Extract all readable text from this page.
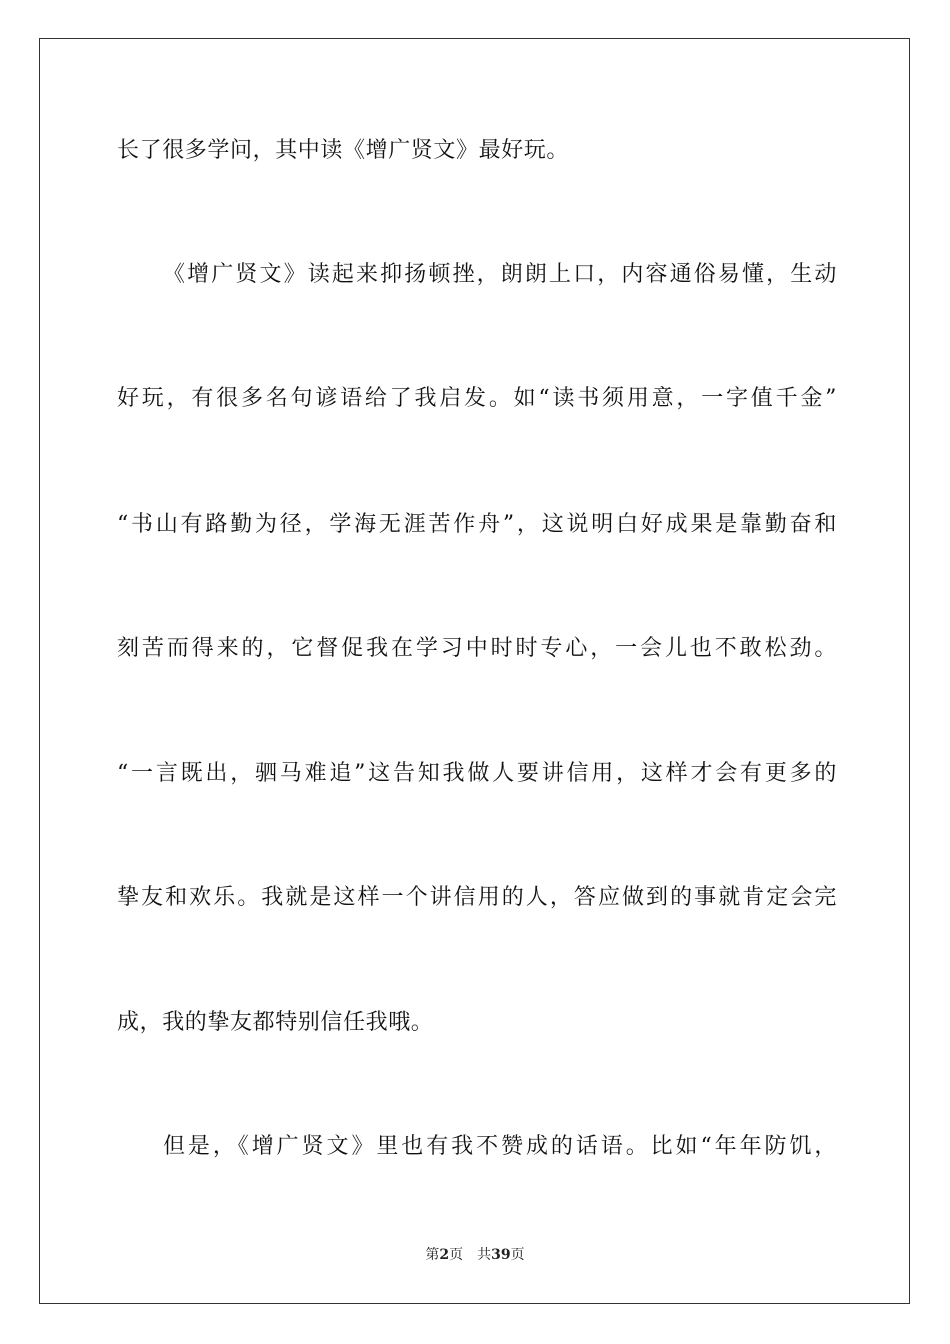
长了很多学问，其中读《增广贤文》最好玩。
《增广贤文》读起来抑扬顿挫，朗朗上口，内容通俗易懂，生动
好玩，有很多名句谚语给了我启发。如“读书须用意，一字值千金”
“书山有路勤为径，学海无涯苦作舟”，这说明白好成果是靠勤奋和
刻苦而得来的，它督促我在学习中时时专心，一会儿也不敢松劲。
“一言既出，驷马难追”这告知我做人要讲信用，这样才会有更多的
挚友和欢乐。我就是这样一个讲信用的人，答应做到的事就肯定会完
成，我的挚友都特别信任我哦。
但是，《增广贤文》里也有我不赞成的话语。比如“年年防饥，
第2页 共39页
